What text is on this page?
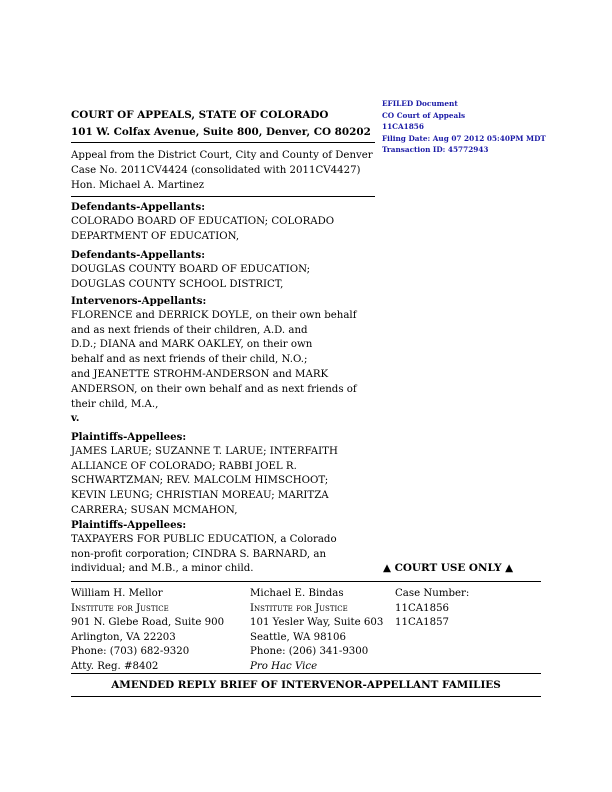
EFILED Document
CO Court of Appeals
11CA1856
Filing Date: Aug 07 2012 05:40PM MDT
Transaction ID: 45772943
COURT OF APPEALS, STATE OF COLORADO
101 W. Colfax Avenue, Suite 800, Denver, CO 80202
Appeal from the District Court, City and County of Denver
Case No. 2011CV4424 (consolidated with 2011CV4427)
Hon. Michael A. Martinez
Defendants-Appellants:
COLORADO BOARD OF EDUCATION; COLORADO
DEPARTMENT OF EDUCATION,
Defendants-Appellants:
DOUGLAS COUNTY BOARD OF EDUCATION;
DOUGLAS COUNTY SCHOOL DISTRICT,
Intervenors-Appellants:
FLORENCE and DERRICK DOYLE, on their own behalf
and as next friends of their children, A.D. and
D.D.; DIANA and MARK OAKLEY, on their own
behalf and as next friends of their child, N.O.;
and JEANETTE STROHM-ANDERSON and MARK
ANDERSON, on their own behalf and as next friends of
their child, M.A.,
v.
Plaintiffs-Appellees:
JAMES LARUE; SUZANNE T. LARUE; INTERFAITH
ALLIANCE OF COLORADO; RABBI JOEL R.
SCHWARTZMAN; REV. MALCOLM HIMSCHOOT;
KEVIN LEUNG; CHRISTIAN MOREAU; MARITZA
CARRERA; SUSAN MCMAHON,
Plaintiffs-Appellees:
TAXPAYERS FOR PUBLIC EDUCATION, a Colorado
non-profit corporation; CINDRA S. BARNARD, an
individual; and M.B., a minor child.	▲ COURT USE ONLY ▲
William H. Mellor
Institute for Justice
901 N. Glebe Road, Suite 900
Arlington, VA 22203
Phone: (703) 682-9320
Atty. Reg. #8402
Michael E. Bindas
Institute for Justice
101 Yesler Way, Suite 603
Seattle, WA 98106
Phone: (206) 341-9300
Pro Hac Vice
Case Number:
11CA1856
11CA1857
AMENDED REPLY BRIEF OF INTERVENOR-APPELLANT FAMILIES
